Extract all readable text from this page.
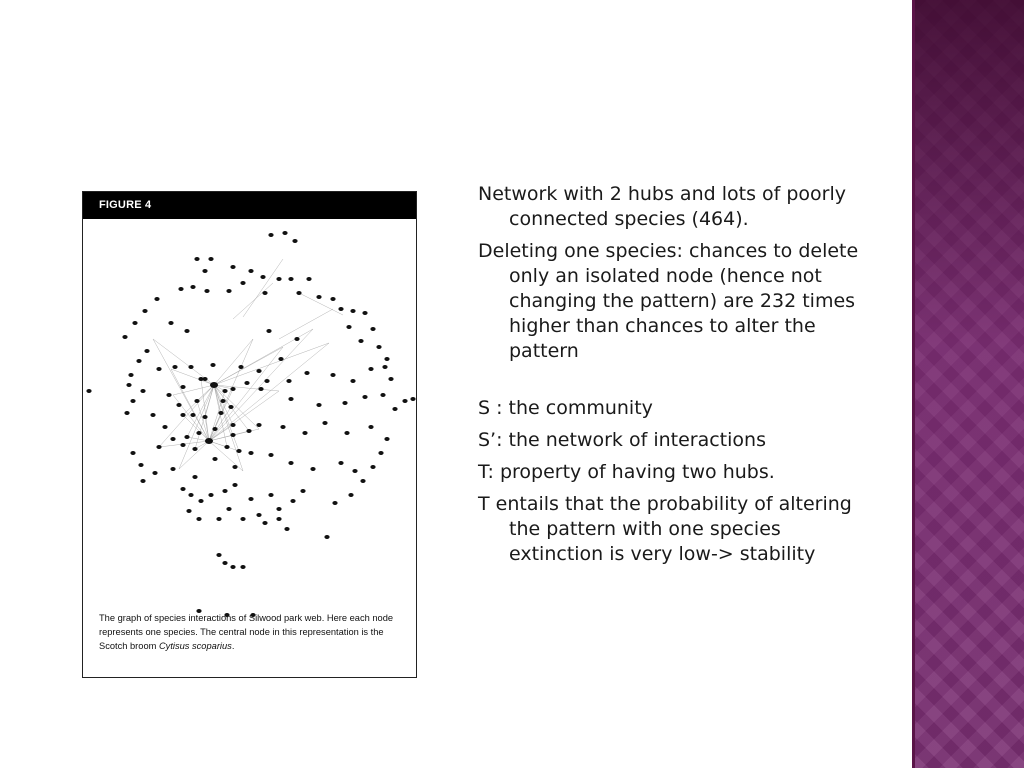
FIGURE 4
The graph of species interactions of Silwood park web. Here each node represents one species. The central node in this representation is the Scotch broom Cytisus scoparius.

Network with 2 hubs and lots of poorly connected species (464).

Deleting one species: chances to delete only an isolated node (hence not changing the pattern) are 232 times higher than chances to alter the pattern

S : the community

S’: the network of interactions

T: property of having two hubs.

T entails that the probability of altering the pattern with one species extinction is very low-> stability
